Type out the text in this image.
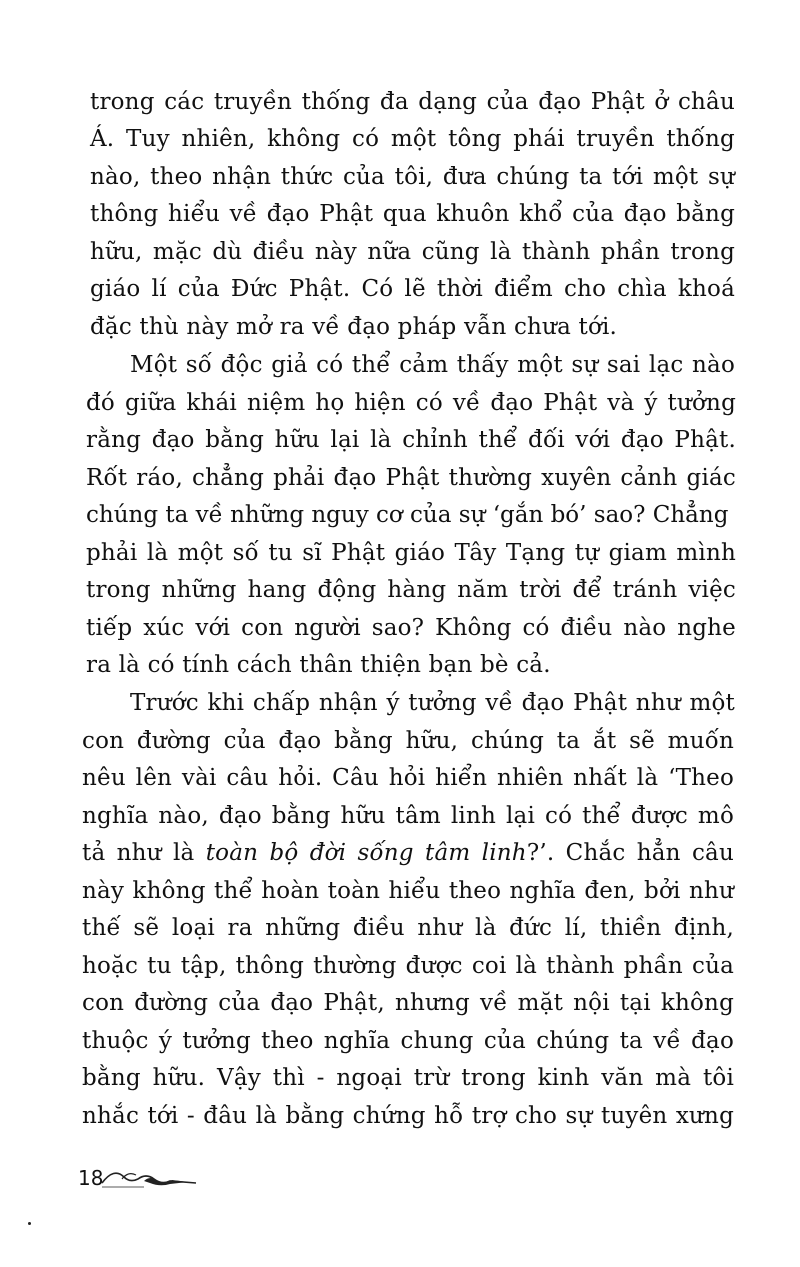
trong các truyền thống đa dạng của đạo Phật ở châu
Á. Tuy nhiên, không có một tông phái truyền thống
nào, theo nhận thức của tôi, đưa chúng ta tới một sự
thông hiểu về đạo Phật qua khuôn khổ của đạo bằng
hữu, mặc dù điều này nữa cũng là thành phần trong
giáo lí của Đức Phật. Có lẽ thời điểm cho chìa khoá
đặc thù này mở ra về đạo pháp vẫn chưa tới.
Một số độc giả có thể cảm thấy một sự sai lạc nào
đó giữa khái niệm họ hiện có về đạo Phật và ý tưởng
rằng đạo bằng hữu lại là chỉnh thể đối với đạo Phật.
Rốt ráo, chẳng phải đạo Phật thường xuyên cảnh giác
chúng ta về những nguy cơ của sự ‘gắn bó’ sao? Chẳng
phải là một số tu sĩ Phật giáo Tây Tạng tự giam mình
trong những hang động hàng năm trời để tránh việc
tiếp xúc với con người sao? Không có điều nào nghe
ra là có tính cách thân thiện bạn bè cả.
Trước khi chấp nhận ý tưởng về đạo Phật như một
con đường của đạo bằng hữu, chúng ta ắt sẽ muốn
nêu lên vài câu hỏi. Câu hỏi hiển nhiên nhất là ‘Theo
nghĩa nào, đạo bằng hữu tâm linh lại có thể được mô
tả như là toàn bộ đời sống tâm linh?’. Chắc hẳn câu
này không thể hoàn toàn hiểu theo nghĩa đen, bởi như
thế sẽ loại ra những điều như là đức lí, thiền định,
hoặc tu tập, thông thường được coi là thành phần của
con đường của đạo Phật, nhưng về mặt nội tại không
thuộc ý tưởng theo nghĩa chung của chúng ta về đạo
bằng hữu. Vậy thì - ngoại trừ trong kinh văn mà tôi
nhắc tới - đâu là bằng chứng hỗ trợ cho sự tuyên xưng
18
